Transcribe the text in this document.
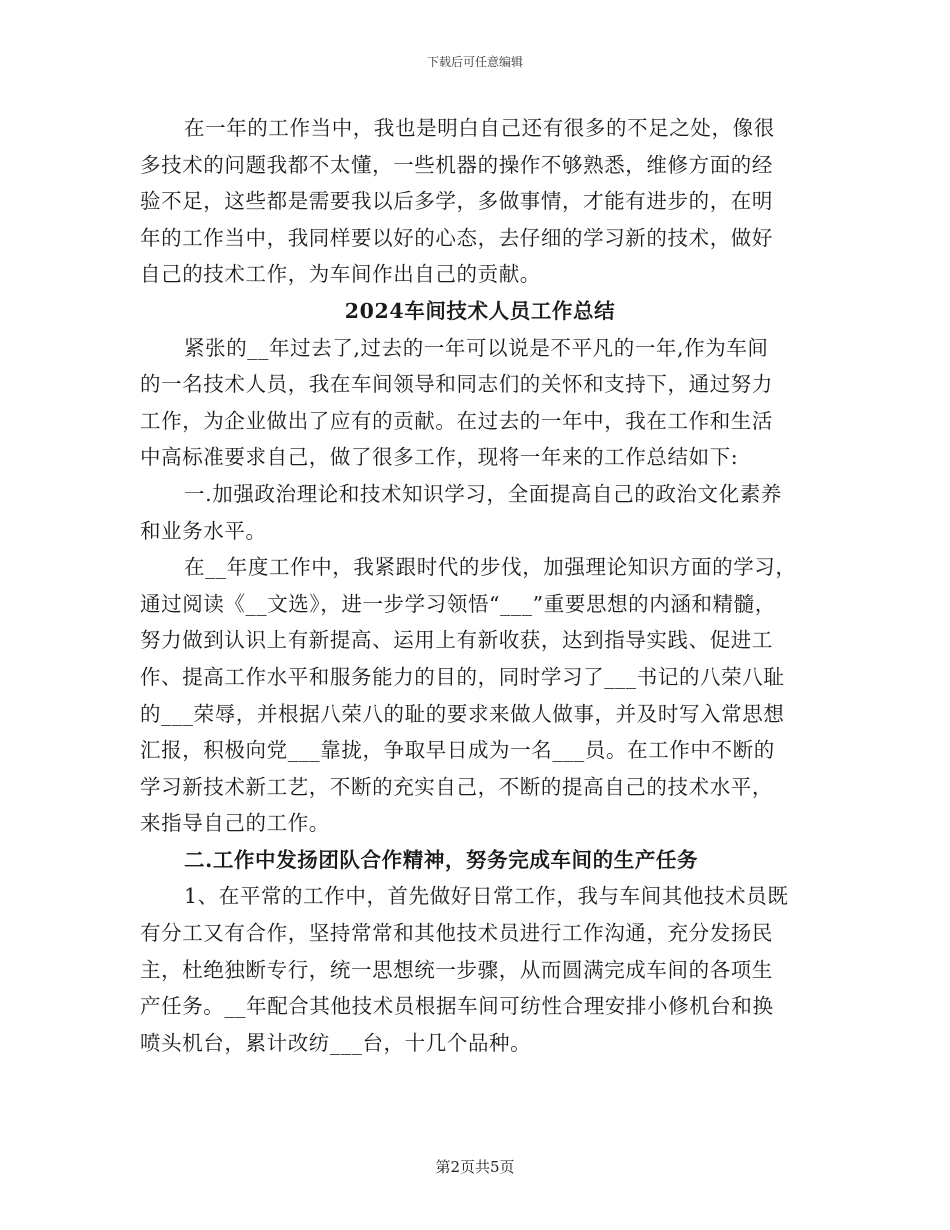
下载后可任意编辑
在一年的工作当中，我也是明白自己还有很多的不足之处，像很
多技术的问题我都不太懂，一些机器的操作不够熟悉，维修方面的经
验不足，这些都是需要我以后多学，多做事情，才能有进步的，在明
年的工作当中，我同样要以好的心态，去仔细的学习新的技术，做好
自己的技术工作，为车间作出自己的贡献。
2024车间技术人员工作总结
紧张的__年过去了,过去的一年可以说是不平凡的一年,作为车间
的一名技术人员，我在车间领导和同志们的关怀和支持下，通过努力
工作，为企业做出了应有的贡献。在过去的一年中，我在工作和生活
中高标准要求自己，做了很多工作，现将一年来的工作总结如下:
一.加强政治理论和技术知识学习，全面提高自己的政治文化素养
和业务水平。
在__年度工作中，我紧跟时代的步伐，加强理论知识方面的学习，
通过阅读《__文选》，进一步学习领悟“___”重要思想的内涵和精髓，
努力做到认识上有新提高、运用上有新收获，达到指导实践、促进工
作、提高工作水平和服务能力的目的，同时学习了___书记的八荣八耻
的___荣辱，并根据八荣八的耻的要求来做人做事，并及时写入常思想
汇报，积极向党___靠拢，争取早日成为一名___员。在工作中不断的
学习新技术新工艺，不断的充实自己，不断的提高自己的技术水平，
来指导自己的工作。
二.工作中发扬团队合作精神，努务完成车间的生产任务
1、在平常的工作中，首先做好日常工作，我与车间其他技术员既
有分工又有合作，坚持常常和其他技术员进行工作沟通，充分发扬民
主，杜绝独断专行，统一思想统一步骤，从而圆满完成车间的各项生
产任务。__年配合其他技术员根据车间可纺性合理安排小修机台和换
喷头机台，累计改纺___台，十几个品种。
第2页共5页
